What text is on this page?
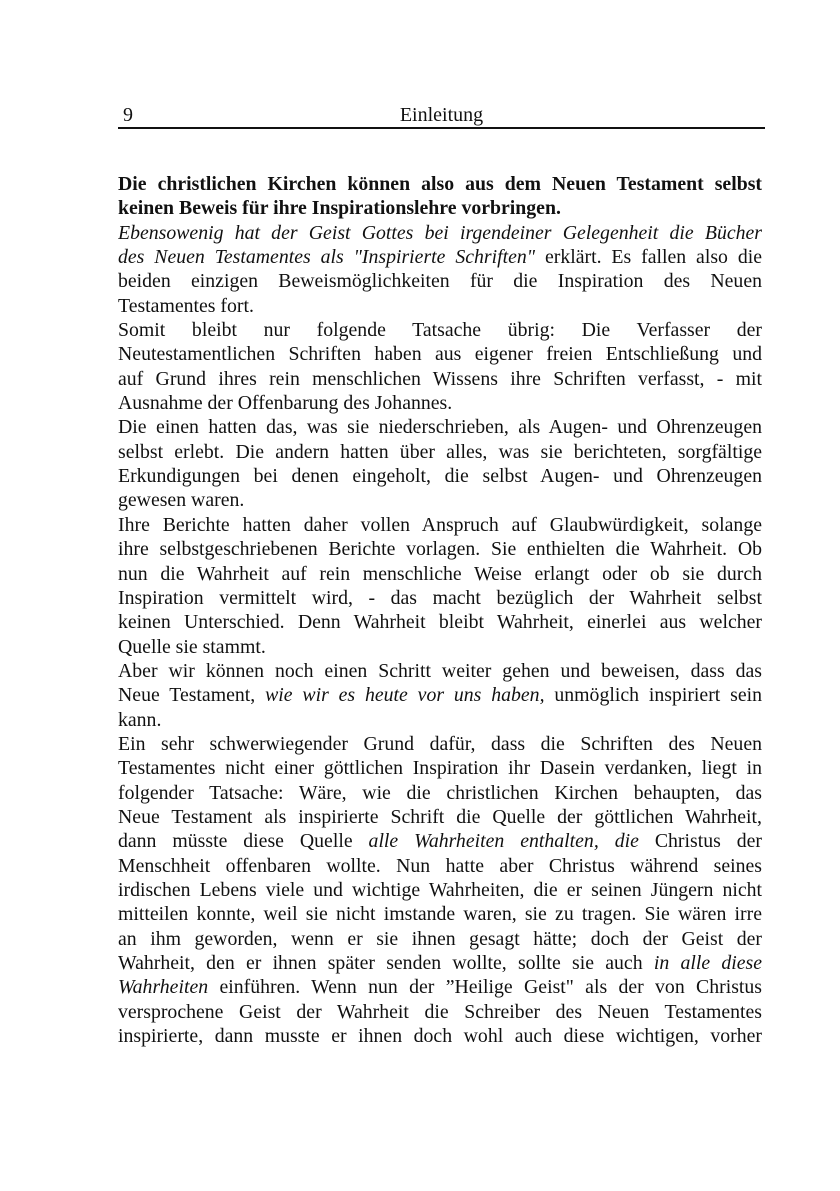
9	Einleitung
Die christlichen Kirchen können also aus dem Neuen Testament selbst
keinen Beweis für ihre Inspirationslehre vorbringen.
Ebensowenig hat der Geist Gottes bei irgendeiner Gelegenheit die Bücher
des Neuen Testamentes als "Inspirierte Schriften" erklärt. Es fallen also die
beiden einzigen Beweismöglichkeiten für die Inspiration des Neuen
Testamentes fort.
Somit bleibt nur folgende Tatsache übrig: Die Verfasser der
Neutestamentlichen Schriften haben aus eigener freien Entschließung und
auf Grund ihres rein menschlichen Wissens ihre Schriften verfasst, - mit
Ausnahme der Offenbarung des Johannes.
Die einen hatten das, was sie niederschrieben, als Augen- und Ohrenzeugen
selbst erlebt. Die andern hatten über alles, was sie berichteten, sorgfältige
Erkundigungen bei denen eingeholt, die selbst Augen- und Ohrenzeugen
gewesen waren.
Ihre Berichte hatten daher vollen Anspruch auf Glaubwürdigkeit, solange
ihre selbstgeschriebenen Berichte vorlagen. Sie enthielten die Wahrheit. Ob
nun die Wahrheit auf rein menschliche Weise erlangt oder ob sie durch
Inspiration vermittelt wird, - das macht bezüglich der Wahrheit selbst
keinen Unterschied. Denn Wahrheit bleibt Wahrheit, einerlei aus welcher
Quelle sie stammt.
Aber wir können noch einen Schritt weiter gehen und beweisen, dass das
Neue Testament, wie wir es heute vor uns haben, unmöglich inspiriert sein
kann.
Ein sehr schwerwiegender Grund dafür, dass die Schriften des Neuen
Testamentes nicht einer göttlichen Inspiration ihr Dasein verdanken, liegt in
folgender Tatsache: Wäre, wie die christlichen Kirchen behaupten, das
Neue Testament als inspirierte Schrift die Quelle der göttlichen Wahrheit,
dann müsste diese Quelle alle Wahrheiten enthalten, die Christus der
Menschheit offenbaren wollte. Nun hatte aber Christus während seines
irdischen Lebens viele und wichtige Wahrheiten, die er seinen Jüngern nicht
mitteilen konnte, weil sie nicht imstande waren, sie zu tragen. Sie wären irre
an ihm geworden, wenn er sie ihnen gesagt hätte; doch der Geist der
Wahrheit, den er ihnen später senden wollte, sollte sie auch in alle diese
Wahrheiten einführen. Wenn nun der ”Heilige Geist" als der von Christus
versprochene Geist der Wahrheit die Schreiber des Neuen Testamentes
inspirierte, dann musste er ihnen doch wohl auch diese wichtigen, vorher
